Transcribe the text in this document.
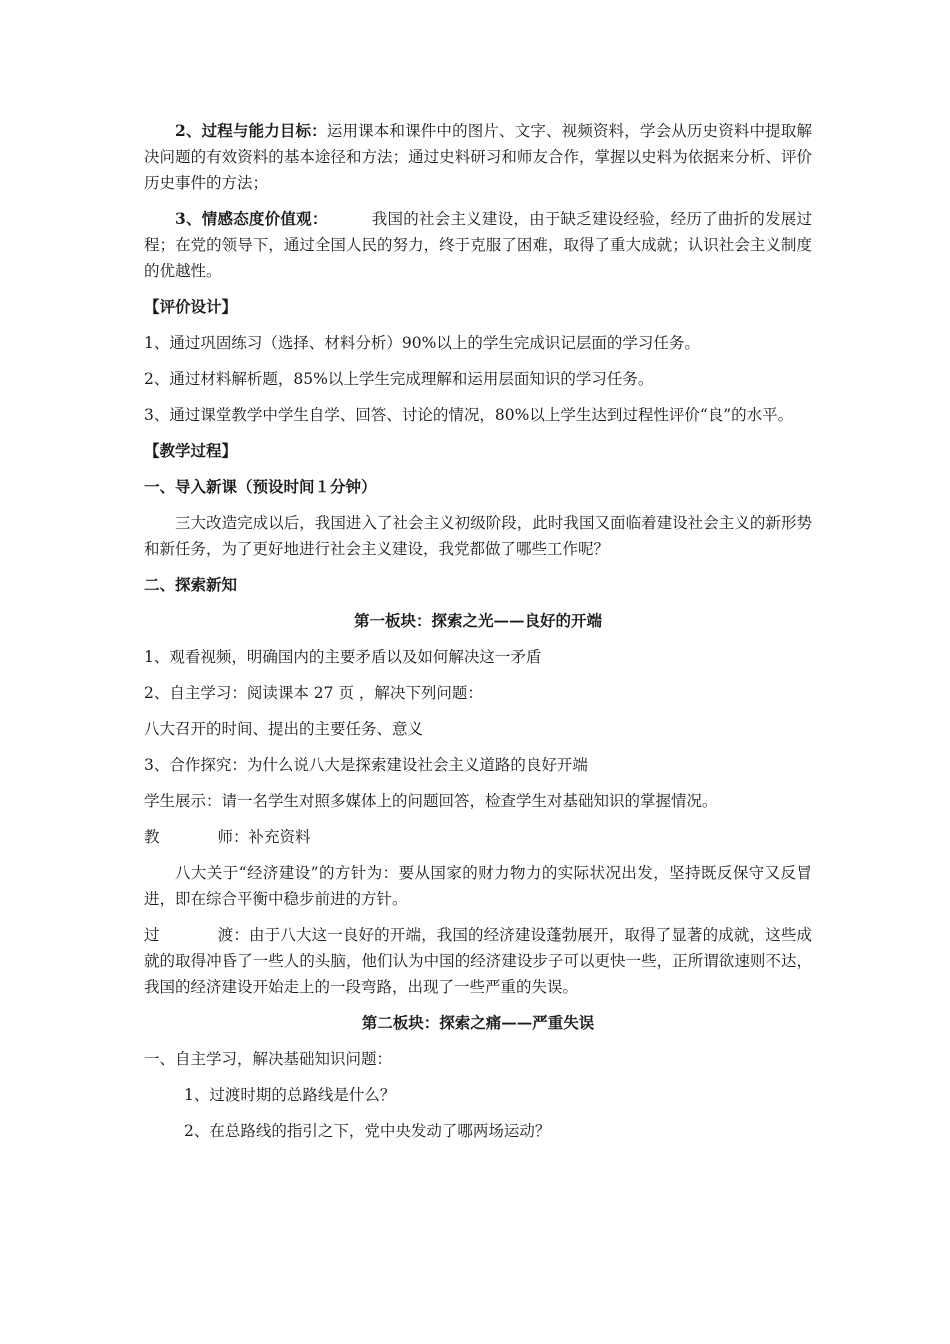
2、过程与能力目标：运用课本和课件中的图片、文字、视频资料，学会从历史资料中提取解决问题的有效资料的基本途径和方法；通过史料研习和师友合作，掌握以史料为依据来分析、评价历史事件的方法；

3、情感态度价值观：	我国的社会主义建设，由于缺乏建设经验，经历了曲折的发展过程；在党的领导下，通过全国人民的努力，终于克服了困难，取得了重大成就；认识社会主义制度的优越性。

【评价设计】

1、通过巩固练习（选择、材料分析）90%以上的学生完成识记层面的学习任务。

2、通过材料解析题，85%以上学生完成理解和运用层面知识的学习任务。

3、通过课堂教学中学生自学、回答、讨论的情况，80%以上学生达到过程性评价“良”的水平。

【教学过程】

一、导入新课（预设时间１分钟）

三大改造完成以后，我国进入了社会主义初级阶段，此时我国又面临着建设社会主义的新形势和新任务，为了更好地进行社会主义建设，我党都做了哪些工作呢？

二、探索新知

第一板块：探索之光——良好的开端

1、观看视频，明确国内的主要矛盾以及如何解决这一矛盾

2、自主学习：阅读课本 27 页 ，解决下列问题：

八大召开的时间、提出的主要任务、意义

3、合作探究：为什么说八大是探索建设社会主义道路的良好开端

学生展示：请一名学生对照多媒体上的问题回答，检查学生对基础知识的掌握情况。

教	师：补充资料

八大关于“经济建设”的方针为：要从国家的财力物力的实际状况出发，坚持既反保守又反冒进，即在综合平衡中稳步前进的方针。

过	渡：由于八大这一良好的开端，我国的经济建设蓬勃展开，取得了显著的成就，这些成就的取得冲昏了一些人的头脑，他们认为中国的经济建设步子可以更快一些，正所谓欲速则不达，我国的经济建设开始走上的一段弯路，出现了一些严重的失误。

第二板块：探索之痛——严重失误

一、自主学习，解决基础知识问题：

1、过渡时期的总路线是什么？

2、在总路线的指引之下，党中央发动了哪两场运动？
